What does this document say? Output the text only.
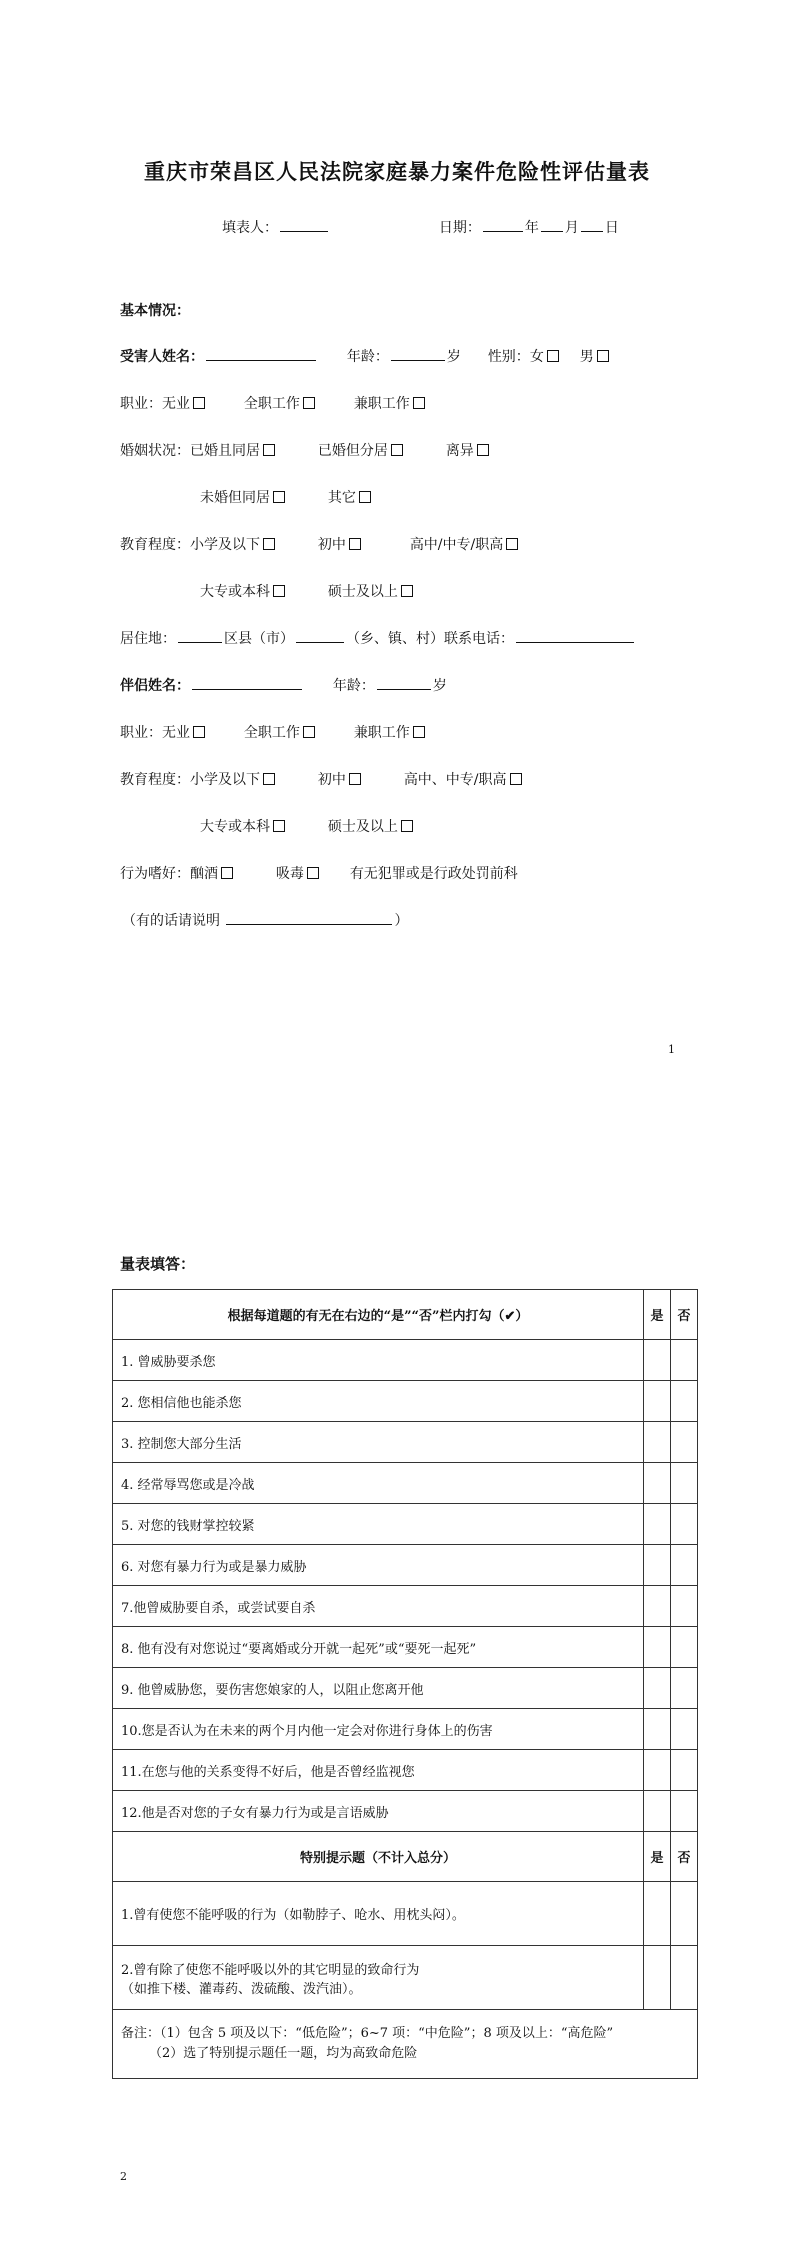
重庆市荣昌区人民法院家庭暴力案件危险性评估量表
填表人：	日期：	年 月 日
基本情况：
受害人姓名：	年龄：	岁 性别：女	男
职业：无业	全职工作	兼职工作
婚姻状况：已婚且同居	已婚但分居	离异
未婚但同居	其它
教育程度：小学及以下	初中	高中/中专/职高
大专或本科	硕士及以上
居住地：	区县（市）	（乡、镇、村）联系电话：
伴侣姓名：	年龄：	岁
职业：无业	全职工作	兼职工作
教育程度：小学及以下	初中	高中、中专/职高
大专或本科	硕士及以上
行为嗜好：酗酒	吸毒	有无犯罪或是行政处罚前科
（有的话请说明	）
1
量表填答：
根据每道题的有无在右边的“是”“否”栏内打勾（✔）	是	否
1. 曾威胁要杀您		
2. 您相信他也能杀您		
3. 控制您大部分生活		
4. 经常辱骂您或是冷战		
5. 对您的钱财掌控较紧		
6. 对您有暴力行为或是暴力威胁		
7.他曾威胁要自杀，或尝试要自杀		
8. 他有没有对您说过“要离婚或分开就一起死”或“要死一起死”		
9. 他曾威胁您，要伤害您娘家的人，以阻止您离开他		
10.您是否认为在未来的两个月内他一定会对你进行身体上的伤害		
11.在您与他的关系变得不好后，他是否曾经监视您		
12.他是否对您的子女有暴力行为或是言语威胁		
特别提示题（不计入总分）	是	否

1.曾有使您不能呼吸的行为（如勒脖子、呛水、用枕头闷）。		

2.曾有除了使您不能呼吸以外的其它明显的致命行为
（如推下楼、灌毒药、泼硫酸、泼汽油）。		

备注：（1）包含 5 项及以下：“低危险”；6~7 项：“中危险”；8 项及以上：“高危险”
（2）选了特别提示题任一题，均为高致命危险		
2
